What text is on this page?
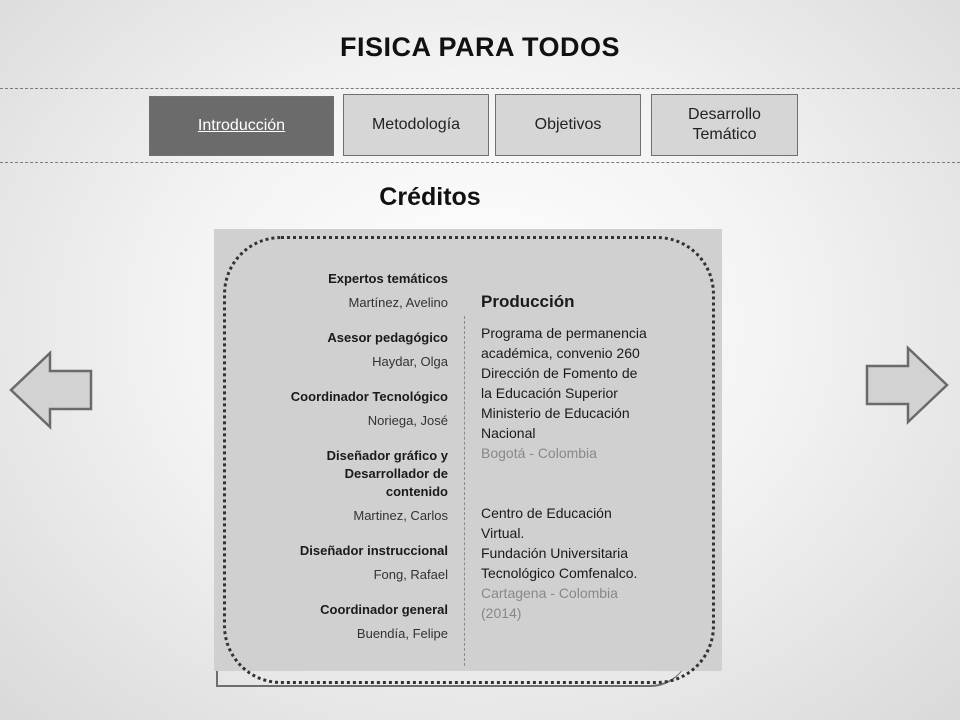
FISICA PARA TODOS
Introducción	Metodología	Objetivos
Desarrollo
Temático
Créditos
Expertos temáticos
Martínez, Avelino
Asesor pedagógico
Haydar, Olga
Coordinador Tecnológico
Noriega, José
Diseñador gráfico y Desarrollador de contenido
Martinez, Carlos
Diseñador instruccional
Fong, Rafael
Coordinador general
Buendía, Felipe
Producción
Programa de permanencia
académica, convenio 260
Dirección de Fomento de
la Educación Superior
Ministerio de Educación
Nacional
Bogotá - Colombia
Centro de Educación
Virtual.
Fundación Universitaria
Tecnológico Comfenalco.
Cartagena - Colombia
(2014)
